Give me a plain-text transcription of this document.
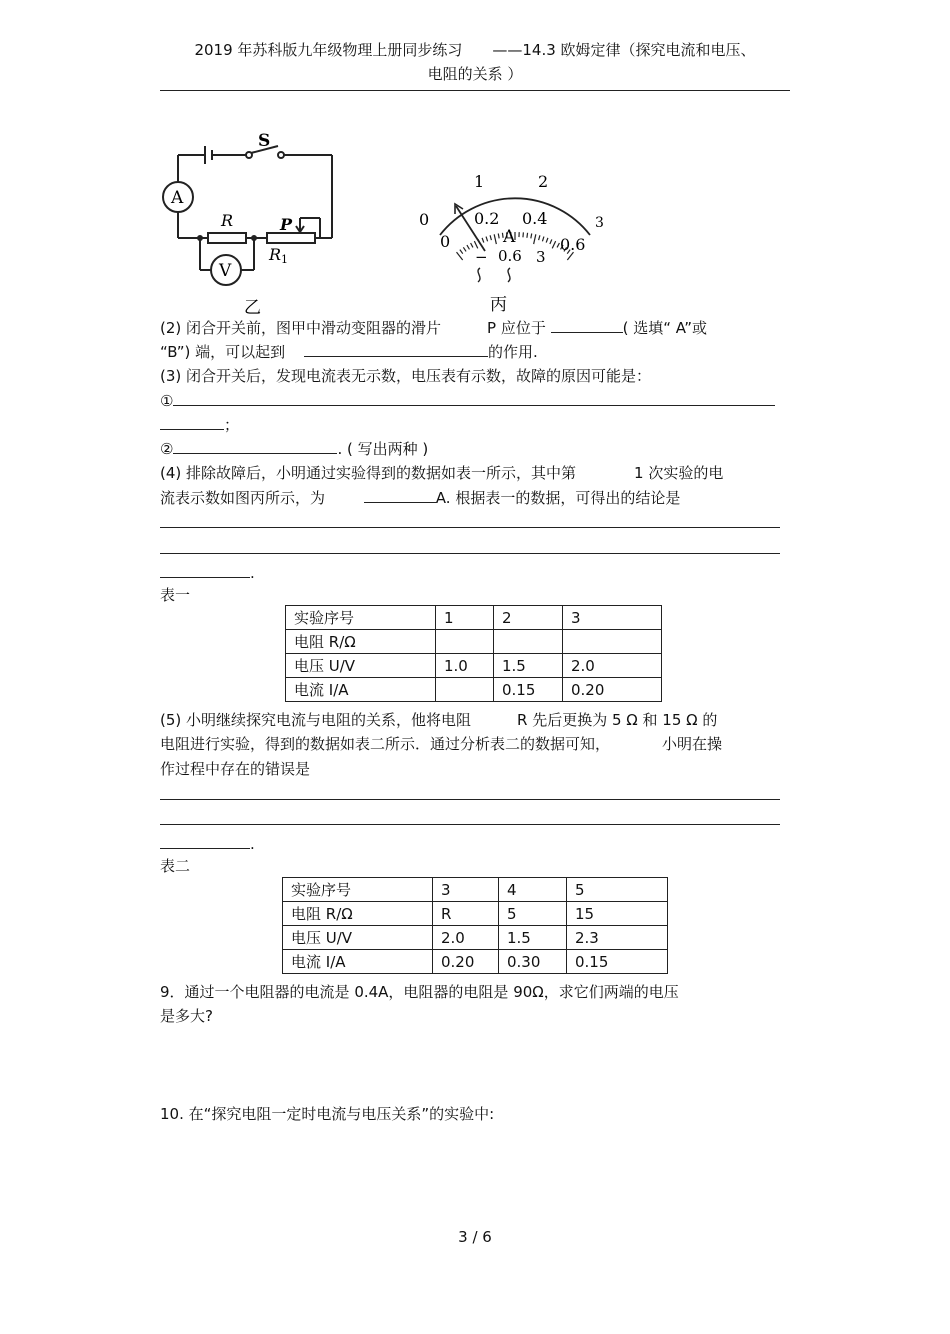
2019 年苏科版九年级物理上册同步练习　　——14.3 欧姆定律（探究电流和电压、
电阻的关系 ）
S
A
V
R	P
R1
乙
0
1	2
3
0
0.2 0.4
0.6
A
− 0.6 3
丙
(2) 闭合开关前，图甲中滑动变阻器的滑片	P 应位于	( 选填“ A”或
“B”) 端，可以起到	的作用.
(3) 闭合开关后，发现电流表无示数，电压表有示数，故障的原因可能是：
①
；
②	. ( 写出两种 )
(4) 排除故障后，小明通过实验得到的数据如表一所示，其中第	1 次实验的电
流表示数如图丙所示，为	A. 根据表一的数据，可得出的结论是
.
表一
实验序号	1	2	3
电阻 R/Ω			
电压 U/V	1.0	1.5	2.0
电流 I/A		0.15	0.20
(5) 小明继续探究电流与电阻的关系，他将电阻	R 先后更换为 5 Ω 和 15 Ω 的
电阻进行实验，得到的数据如表二所示．通过分析表二的数据可知，	小明在操
作过程中存在的错误是
.
表二
实验序号	3	4	5
电阻 R/Ω	R	5	15
电压 U/V	2.0	1.5	2.3
电流 I/A	0.20	0.30	0.15
9．通过一个电阻器的电流是 0.4A，电阻器的电阻是 90Ω，求它们两端的电压
是多大?
10. 在“探究电阻一定时电流与电压关系”的实验中:
3 / 6
